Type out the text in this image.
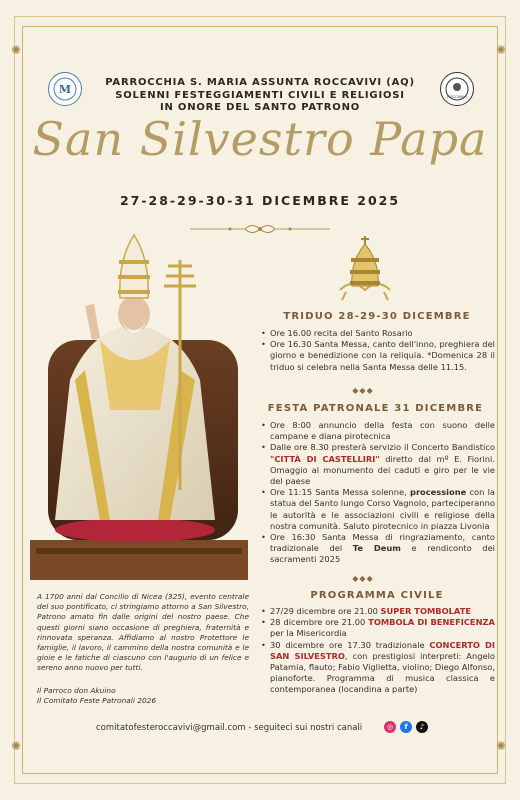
✺	✺
✺	✺
M
ROCCAVIVI
PARROCCHIA S. MARIA ASSUNTA ROCCAVIVI (AQ)
SOLENNI FESTEGGIAMENTI CIVILI E RELIGIOSI
IN ONORE DEL SANTO PATRONO
San Silvestro Papa
27-28-29-30-31 DICEMBRE 2025
TRIDUO 28-29-30 DICEMBRE
• Ore 16.00 recita del Santo Rosario
• Ore 16.30 Santa Messa, canto dell'inno, preghiera del giorno e benedizione con la reliquia. *Domenica 28 il triduo si celebra nella Santa Messa delle 11.15.
◆◆◆
FESTA PATRONALE 31 DICEMBRE
• Ore 8:00 annuncio della festa con suono delle campane e diana pirotecnica
• Dalle ore 8.30 presterà servizio il Concerto Bandistico "CITTÀ DI CASTELLIRI" diretto dal mº E. Fiorini. Omaggio al monumento dei caduti e giro per le vie del paese
• Ore 11:15 Santa Messa solenne, processione con la statua del Santo lungo Corso Vagnolo, parteciperanno le autorità e le associazioni civili e religiose della nostra comunità. Saluto pirotecnico in piazza Livonia
• Ore 16:30 Santa Messa di ringraziamento, canto tradizionale del Te Deum e rendiconto dei sacramenti 2025
◆◆◆
PROGRAMMA CIVILE
• 27/29 dicembre ore 21.00 SUPER TOMBOLATE
• 28 dicembre ore 21.00 TOMBOLA DI BENEFICENZA per la Misericordia
• 30 dicembre ore 17.30 tradizionale CONCERTO DI SAN SILVESTRO, con prestigiosi interpreti: Angelo Patamia, flauto; Fabio Viglietta, violino; Diego Alfonso, pianoforte. Programma di musica classica e contemporanea (locandina a parte)
A 1700 anni dal Concilio di Nicea (325), evento centrale del suo pontificato, ci stringiamo attorno a San Silvestro, Patrono amato fin dalle origini del nostro paese. Che questi giorni siano occasione di preghiera, fraternità e rinnovata speranza. Affidiamo al nostro Protettore le famiglie, il lavoro, il cammino della nostra comunità e le gioie e le fatiche di ciascuno con l'augurio di un felice e sereno anno nuovo per tutti.
Il Parroco don Akuino
Il Comitato Feste Patronali 2026
comitatofesteroccavivi@gmail.com - seguiteci sui nostri canali	◎	f	♪
